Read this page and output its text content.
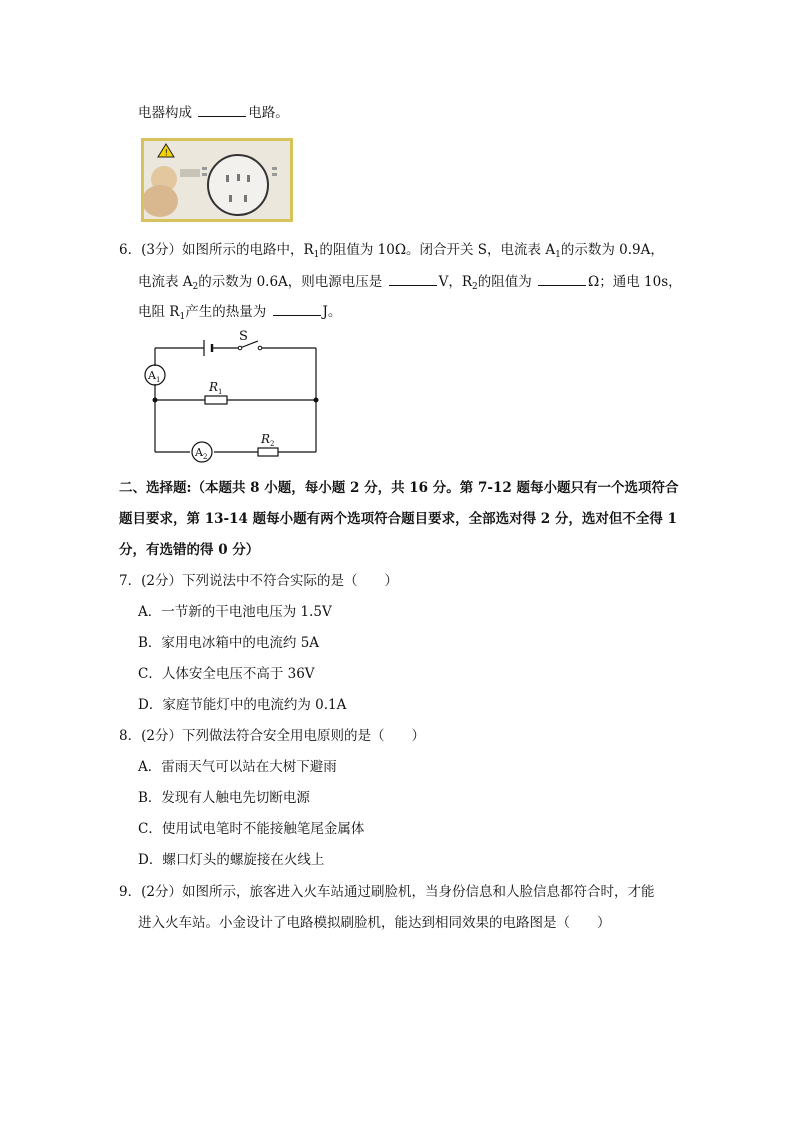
电器构成	电路。
!
6．(3分）如图所示的电路中，$R_1$的阻值为 10Ω。闭合开关 S，电流表 $A_1$的示数为 0.9A，
电流表 $A_2$的示数为 0.6A，则电源电压是	V，$R_2$的阻值为	Ω；通电 10s，
电阻 $R_1$产生的热量为	J。
S
A 1
A 2
R 1
R 2
二、选择题:（本题共 8 小题，每小题 2 分，共 16 分。第 7-12 题每小题只有一个选项符合
题目要求，第 13-14 题每小题有两个选项符合题目要求，全部选对得 2 分，选对但不全得 1
分，有选错的得 0 分）
7．(2分）下列说法中不符合实际的是（　　）
A．一节新的干电池电压为 1.5V
B．家用电冰箱中的电流约 5A
C．人体安全电压不高于 36V
D．家庭节能灯中的电流约为 0.1A
8．(2分）下列做法符合安全用电原则的是（　　）
A．雷雨天气可以站在大树下避雨
B．发现有人触电先切断电源
C．使用试电笔时不能接触笔尾金属体
D．螺口灯头的螺旋接在火线上
9．(2分）如图所示，旅客进入火车站通过刷脸机，当身份信息和人脸信息都符合时，才能
进入火车站。小金设计了电路模拟刷脸机，能达到相同效果的电路图是（　　）
